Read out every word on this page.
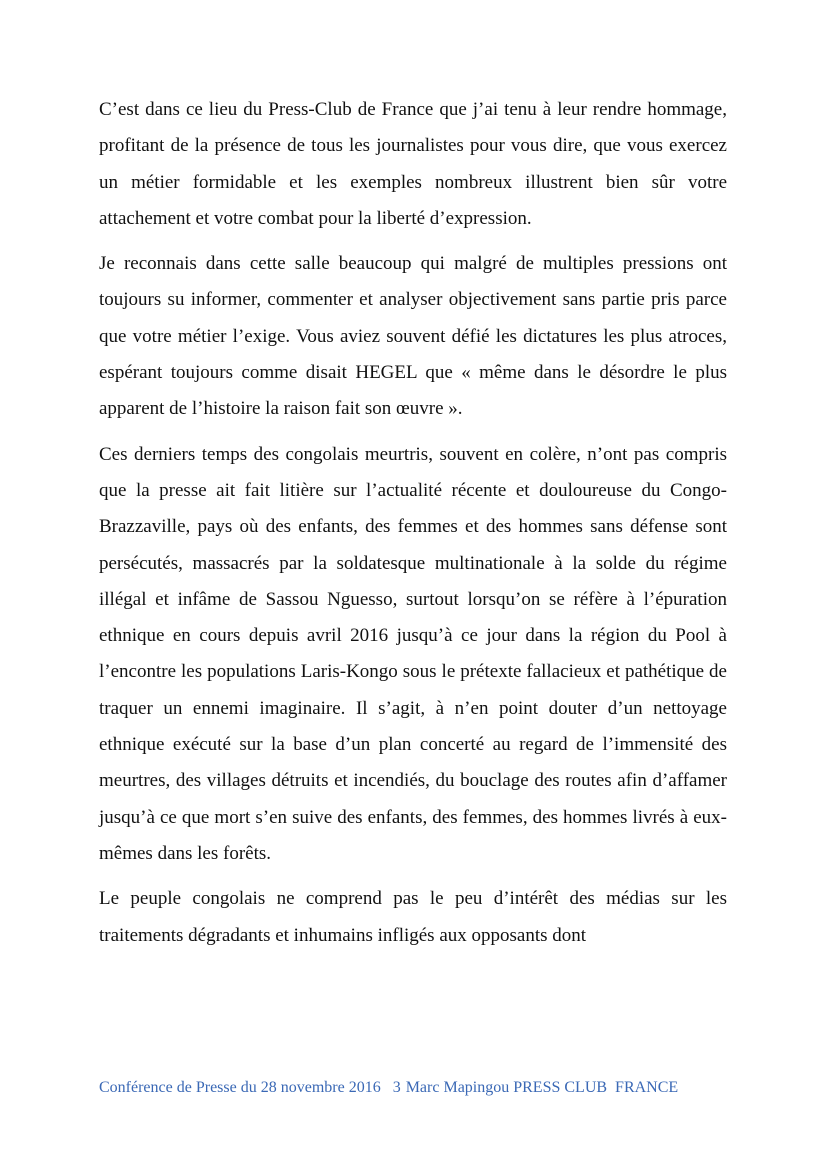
C’est dans ce lieu du Press-Club de France que j’ai tenu à leur rendre hommage, profitant de la présence de tous les journalistes pour vous dire, que vous exercez un métier formidable et les exemples nombreux illustrent bien sûr votre attachement et votre combat pour la liberté d’expression.

Je reconnais dans cette salle beaucoup qui malgré de multiples pressions ont toujours su informer, commenter et analyser objectivement sans partie pris parce que votre métier l’exige. Vous aviez souvent défié les dictatures les plus atroces, espérant toujours comme disait HEGEL que « même dans le désordre le plus apparent de l’histoire la raison fait son œuvre ».

Ces derniers temps des congolais meurtris, souvent en colère, n’ont pas compris que la presse ait fait litière sur l’actualité récente et douloureuse du Congo-Brazzaville, pays où des enfants, des femmes et des hommes sans défense sont persécutés, massacrés par la soldatesque multinationale à la solde du régime illégal et infâme de Sassou Nguesso, surtout lorsqu’on se réfère à l’épuration ethnique en cours depuis avril 2016 jusqu’à ce jour dans la région du Pool à l’encontre les populations Laris-Kongo sous le prétexte fallacieux et pathétique de traquer un ennemi imaginaire. Il s’agit, à n’en point douter d’un nettoyage ethnique exécuté sur la base d’un plan concerté au regard de l’immensité des meurtres, des villages détruits et incendiés, du bouclage des routes afin d’affamer jusqu’à ce que mort s’en suive des enfants, des femmes, des hommes livrés à eux-mêmes dans les forêts.

Le peuple congolais ne comprend pas le peu d’intérêt des médias sur les traitements dégradants et inhumains infligés aux opposants dont

Conférence de Presse du 28 novembre 2016 3 Marc Mapingou PRESS CLUB  FRANCE
